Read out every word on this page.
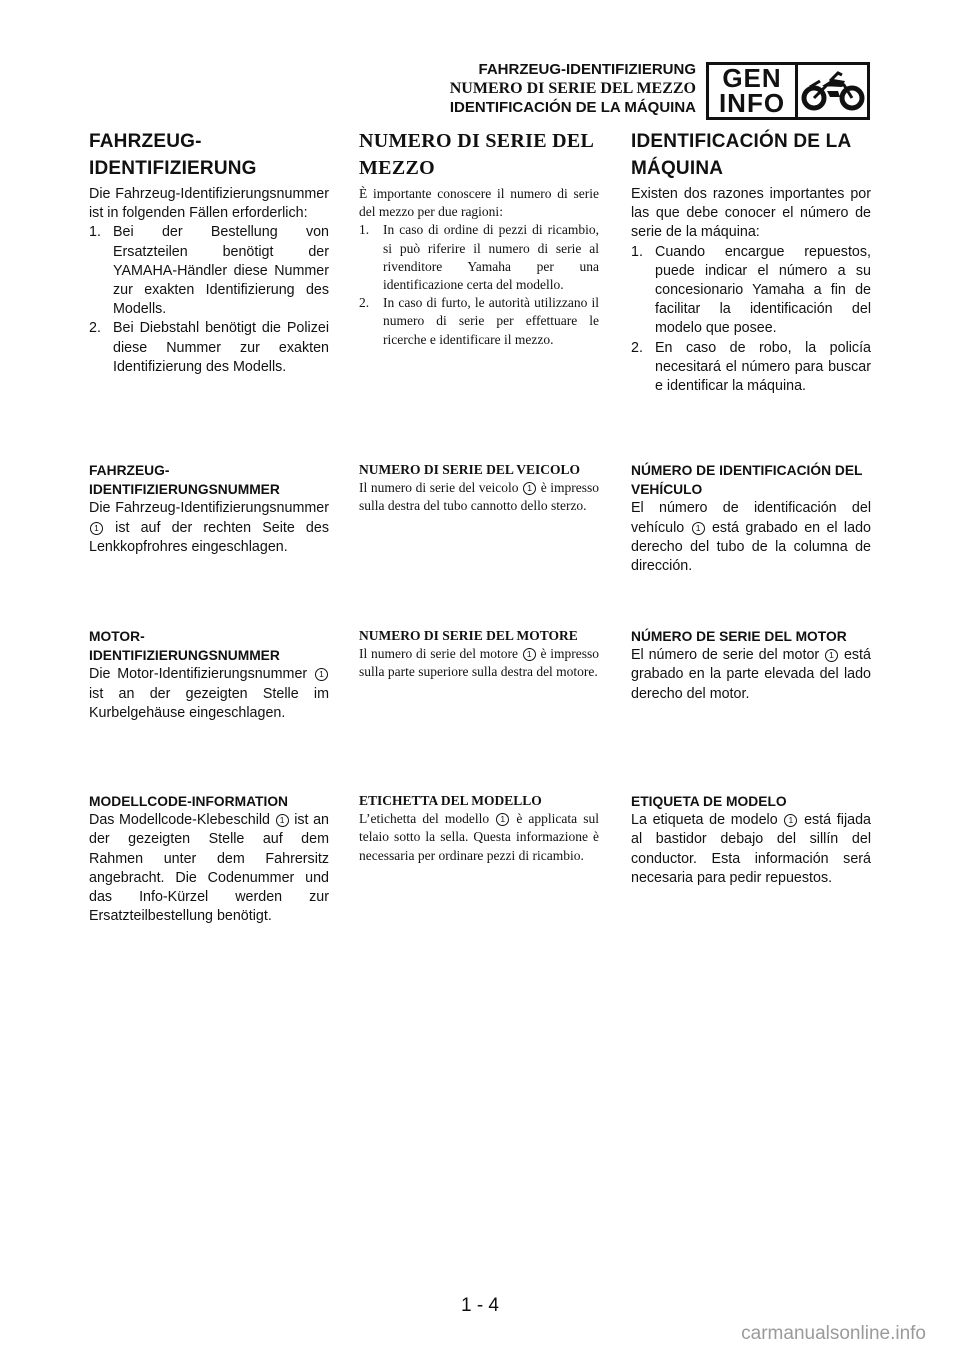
FAHRZEUG-IDENTIFIZIERUNG
NUMERO DI SERIE DEL MEZZO
IDENTIFICACIÓN DE LA MÁQUINA
GEN
INFO
FAHRZEUG-IDENTIFIZIERUNG

Die Fahrzeug-Identifizierungsnummer ist in folgenden Fällen erforderlich:

1. Bei der Bestellung von Ersatzteilen benötigt der YAMAHA-Händler diese Nummer zur exakten Identifizierung des Modells.
2. Bei Diebstahl benötigt die Polizei diese Nummer zur exakten Identifizierung des Modells.

FAHRZEUG-IDENTIFIZIERUNGSNUMMER

Die Fahrzeug-Identifizierungsnummer 1 ist auf der rechten Seite des Lenkkopfrohres eingeschlagen.

MOTOR-IDENTIFIZIERUNGSNUMMER

Die Motor-Identifizierungsnummer 1 ist an der gezeigten Stelle im Kurbelgehäuse eingeschlagen.

MODELLCODE-INFORMATION

Das Modellcode-Klebeschild 1 ist an der gezeigten Stelle auf dem Rahmen unter dem Fahrersitz angebracht. Die Codenummer und das Info-Kürzel werden zur Ersatzteilbestellung benötigt.

NUMERO DI SERIE DEL MEZZO

È importante conoscere il numero di serie del mezzo per due ragioni:

1.	In caso di ordine di pezzi di ricambio, si può riferire il numero di serie al rivenditore Yamaha per una identificazione certa del modello.
2.	In caso di furto, le autorità utilizzano il numero di serie per effettuare le ricerche e identificare il mezzo.

NUMERO DI SERIE DEL VEICOLO

Il numero di serie del veicolo 1 è impresso sulla destra del tubo cannotto dello sterzo.

NUMERO DI SERIE DEL MOTORE

Il numero di serie del motore 1 è impresso sulla parte superiore sulla destra del motore.

ETICHETTA DEL MODELLO

L’etichetta del modello 1 è applicata sul telaio sotto la sella. Questa informazione è necessaria per ordinare pezzi di ricambio.

IDENTIFICACIÓN DE LA MÁQUINA

Existen dos razones importantes por las que debe conocer el número de serie de la máquina:

1. Cuando encargue repuestos, puede indicar el número a su concesionario Yamaha a fin de facilitar la identificación del modelo que posee.
2. En caso de robo, la policía necesitará el número para buscar e identificar la máquina.

NÚMERO DE IDENTIFICACIÓN DEL VEHÍCULO

El número de identificación del vehículo 1 está grabado en el lado derecho del tubo de la columna de dirección.

NÚMERO DE SERIE DEL MOTOR

El número de serie del motor 1 está grabado en la parte elevada del lado derecho del motor.

ETIQUETA DE MODELO

La etiqueta de modelo 1 está fijada al bastidor debajo del sillín del conductor. Esta información será necesaria para pedir repuestos.

1 - 4
carmanualsonline.info
